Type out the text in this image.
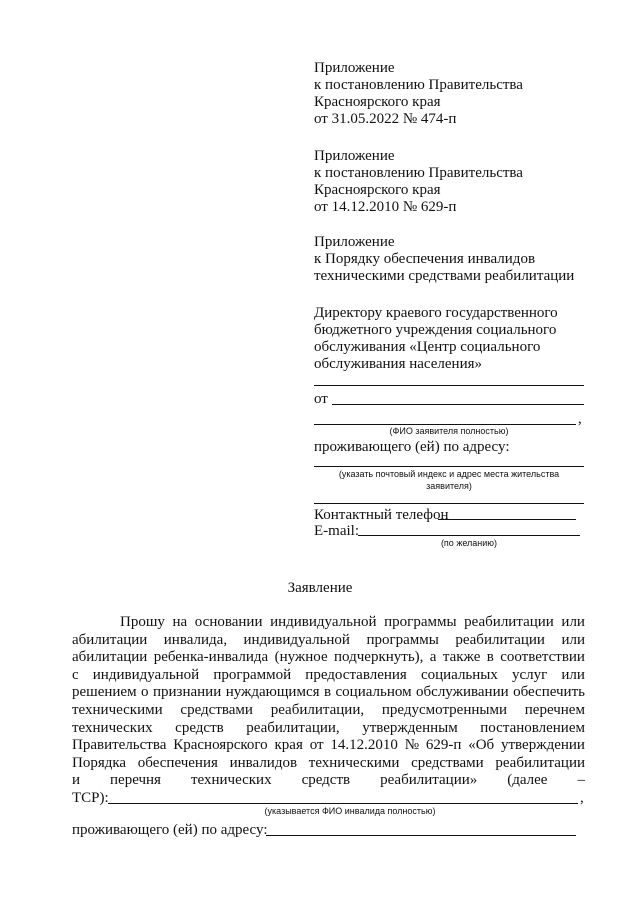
Приложение
к постановлению Правительства
Красноярского края
от 31.05.2022 № 474-п
Приложение
к постановлению Правительства
Красноярского края
от 14.12.2010 № 629-п
Приложение
к Порядку обеспечения инвалидов
техническими средствами реабилитации
Директору краевого государственного
бюджетного учреждения социального
обслуживания «Центр социального
обслуживания населения»
от
,
(ФИО заявителя полностью)
проживающего (ей) по адресу:
(указать почтовый индекс и адрес места жительства
заявителя)
Контактный телефон
E-mail:
(по желанию)
Заявление
Прошу на основании индивидуальной программы реабилитации или
абилитации инвалида, индивидуальной программы реабилитации или
абилитации ребенка-инвалида (нужное подчеркнуть), а также в соответствии
с индивидуальной программой предоставления социальных услуг или
решением о признании нуждающимся в социальном обслуживании обеспечить
техническими средствами реабилитации, предусмотренными перечнем
технических средств реабилитации, утвержденным постановлением
Правительства Красноярского края от 14.12.2010 № 629-п «Об утверждении
Порядка обеспечения инвалидов техническими средствами реабилитации
и перечня технических средств реабилитации» (далее –
ТСР):	,
(указывается ФИО инвалида полностью)
проживающего (ей) по адресу:
